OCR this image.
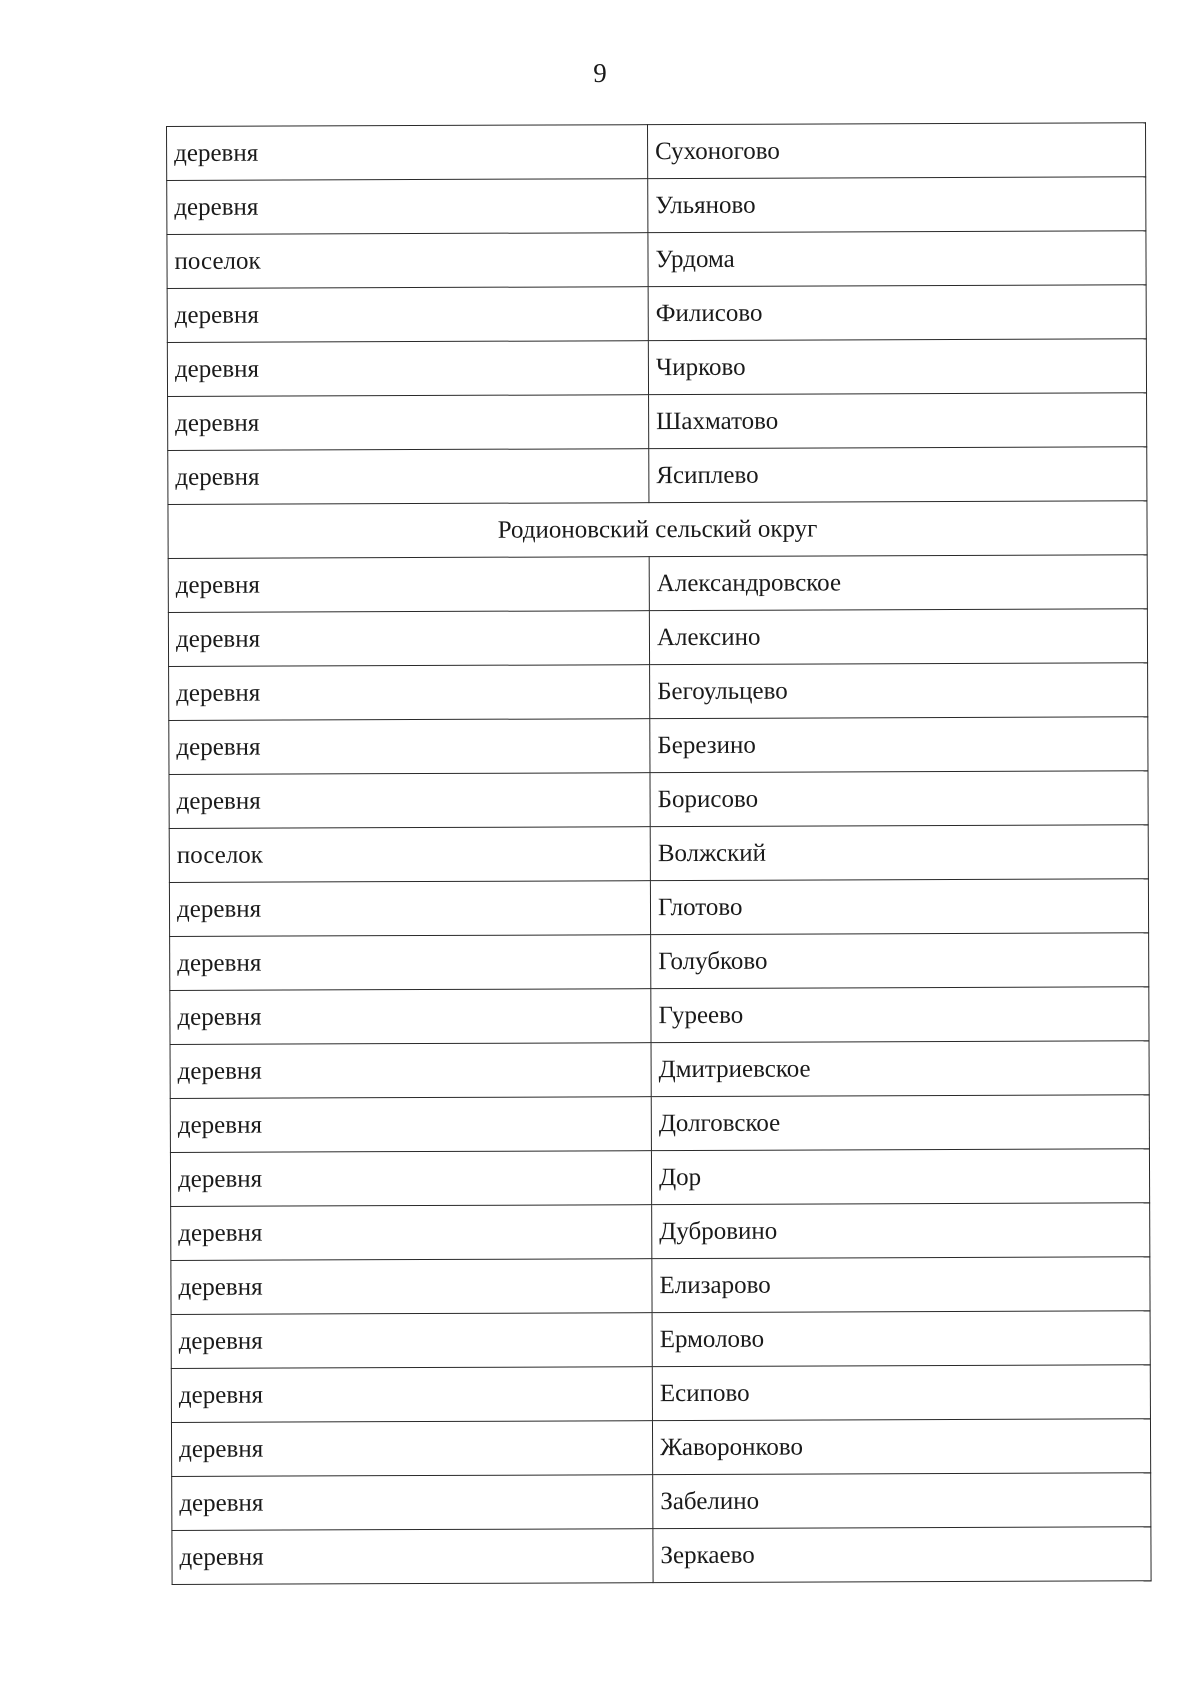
9
деревня	Сухоногово
деревня	Ульяново
поселок	Урдома
деревня	Филисово
деревня	Чирково
деревня	Шахматово
деревня	Ясиплево
Родионовский сельский округ	
деревня	Александровское
деревня	Алексино
деревня	Бегоульцево
деревня	Березино
деревня	Борисово
поселок	Волжский
деревня	Глотово
деревня	Голубково
деревня	Гуреево
деревня	Дмитриевское
деревня	Долговское
деревня	Дор
деревня	Дубровино
деревня	Елизарово
деревня	Ермолово
деревня	Есипово
деревня	Жаворонково
деревня	Забелино
деревня	Зеркаево
